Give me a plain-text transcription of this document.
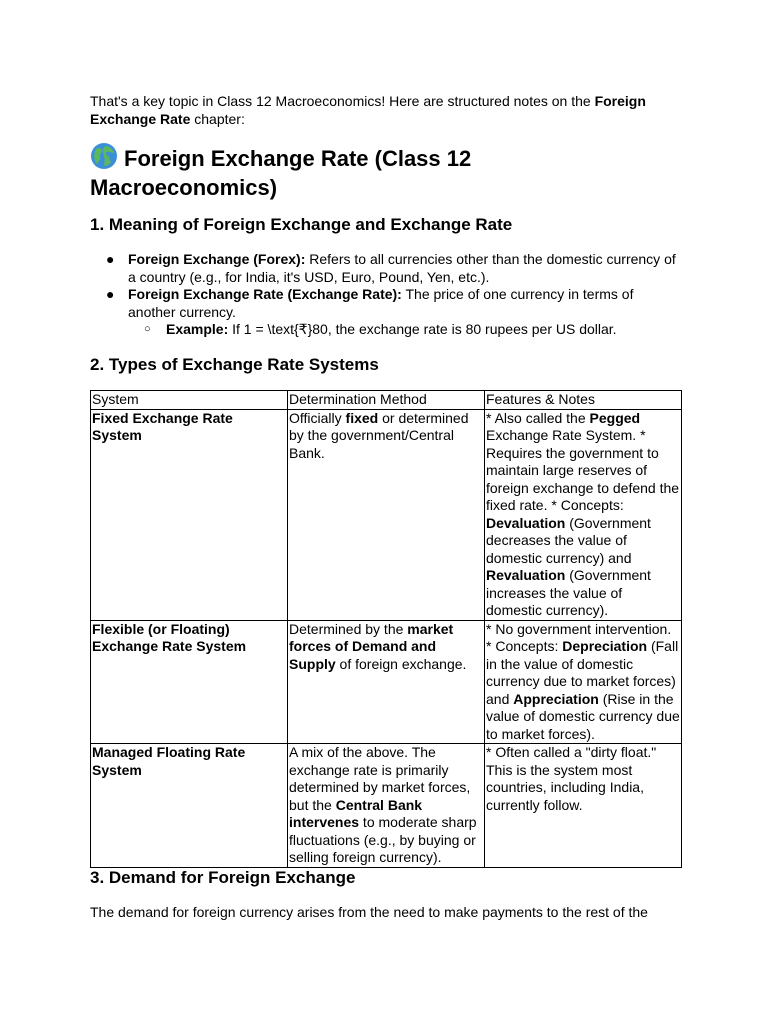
That's a key topic in Class 12 Macroeconomics! Here are structured notes on the Foreign Exchange Rate chapter:

Foreign Exchange Rate (Class 12 Macroeconomics)
1. Meaning of Foreign Exchange and Exchange Rate
● Foreign Exchange (Forex): Refers to all currencies other than the domestic currency of a country (e.g., for India, it's USD, Euro, Pound, Yen, etc.).
● Foreign Exchange Rate (Exchange Rate): The price of one currency in terms of another currency.
○ Example: If 1 = \text{₹}80, the exchange rate is 80 rupees per US dollar.
2. Types of Exchange Rate Systems
System	Determination Method	Features & Notes
Fixed Exchange Rate System	Officially fixed or determined by the government/Central Bank.	* Also called the Pegged Exchange Rate System. * Requires the government to maintain large reserves of foreign exchange to defend the fixed rate. * Concepts: Devaluation (Government decreases the value of domestic currency) and Revaluation (Government increases the value of domestic currency).
Flexible (or Floating) Exchange Rate System	Determined by the market forces of Demand and Supply of foreign exchange.	* No government intervention. * Concepts: Depreciation (Fall in the value of domestic currency due to market forces) and Appreciation (Rise in the value of domestic currency due to market forces).
Managed Floating Rate System	A mix of the above. The exchange rate is primarily determined by market forces, but the Central Bank intervenes to moderate sharp fluctuations (e.g., by buying or selling foreign currency).	* Often called a "dirty float." This is the system most countries, including India, currently follow.
3. Demand for Foreign Exchange

The demand for foreign currency arises from the need to make payments to the rest of the
